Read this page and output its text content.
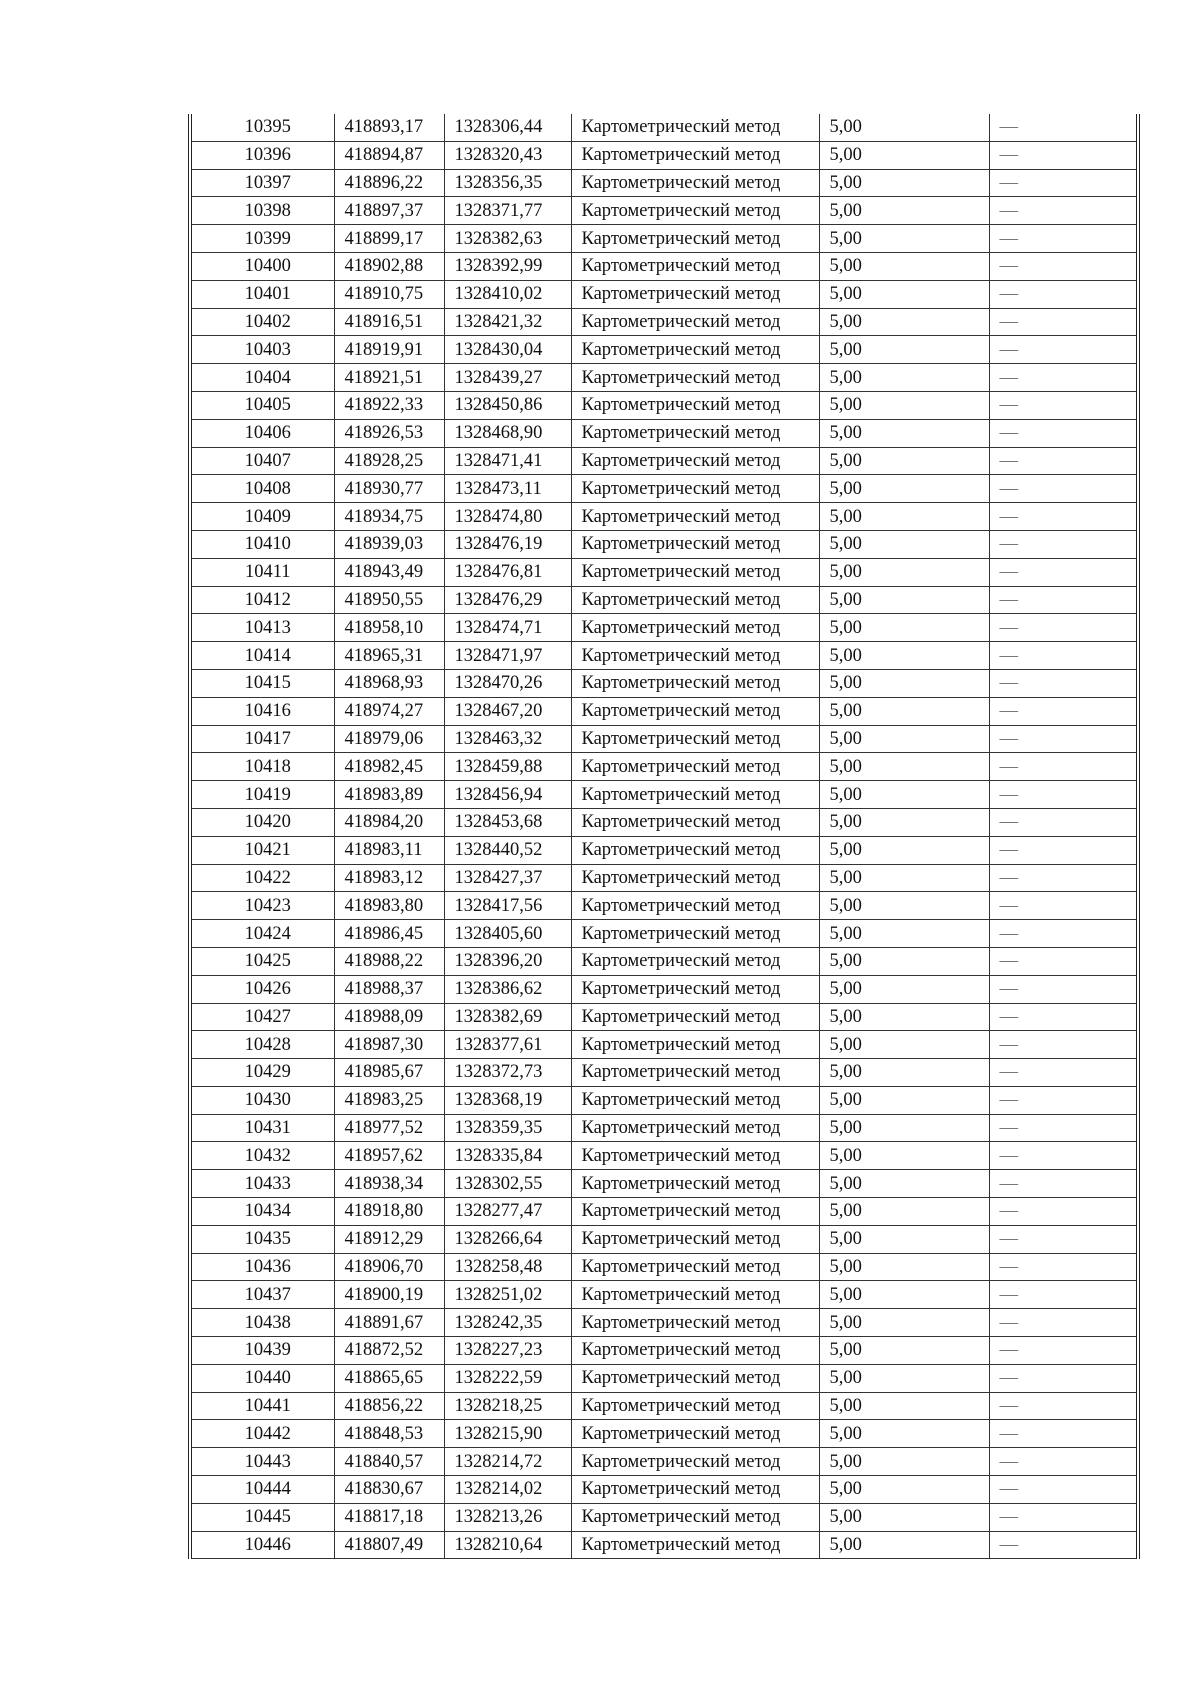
10395	418893,17	1328306,44	Картометрический метод	5,00	—
10396	418894,87	1328320,43	Картометрический метод	5,00	—
10397	418896,22	1328356,35	Картометрический метод	5,00	—
10398	418897,37	1328371,77	Картометрический метод	5,00	—
10399	418899,17	1328382,63	Картометрический метод	5,00	—
10400	418902,88	1328392,99	Картометрический метод	5,00	—
10401	418910,75	1328410,02	Картометрический метод	5,00	—
10402	418916,51	1328421,32	Картометрический метод	5,00	—
10403	418919,91	1328430,04	Картометрический метод	5,00	—
10404	418921,51	1328439,27	Картометрический метод	5,00	—
10405	418922,33	1328450,86	Картометрический метод	5,00	—
10406	418926,53	1328468,90	Картометрический метод	5,00	—
10407	418928,25	1328471,41	Картометрический метод	5,00	—
10408	418930,77	1328473,11	Картометрический метод	5,00	—
10409	418934,75	1328474,80	Картометрический метод	5,00	—
10410	418939,03	1328476,19	Картометрический метод	5,00	—
10411	418943,49	1328476,81	Картометрический метод	5,00	—
10412	418950,55	1328476,29	Картометрический метод	5,00	—
10413	418958,10	1328474,71	Картометрический метод	5,00	—
10414	418965,31	1328471,97	Картометрический метод	5,00	—
10415	418968,93	1328470,26	Картометрический метод	5,00	—
10416	418974,27	1328467,20	Картометрический метод	5,00	—
10417	418979,06	1328463,32	Картометрический метод	5,00	—
10418	418982,45	1328459,88	Картометрический метод	5,00	—
10419	418983,89	1328456,94	Картометрический метод	5,00	—
10420	418984,20	1328453,68	Картометрический метод	5,00	—
10421	418983,11	1328440,52	Картометрический метод	5,00	—
10422	418983,12	1328427,37	Картометрический метод	5,00	—
10423	418983,80	1328417,56	Картометрический метод	5,00	—
10424	418986,45	1328405,60	Картометрический метод	5,00	—
10425	418988,22	1328396,20	Картометрический метод	5,00	—
10426	418988,37	1328386,62	Картометрический метод	5,00	—
10427	418988,09	1328382,69	Картометрический метод	5,00	—
10428	418987,30	1328377,61	Картометрический метод	5,00	—
10429	418985,67	1328372,73	Картометрический метод	5,00	—
10430	418983,25	1328368,19	Картометрический метод	5,00	—
10431	418977,52	1328359,35	Картометрический метод	5,00	—
10432	418957,62	1328335,84	Картометрический метод	5,00	—
10433	418938,34	1328302,55	Картометрический метод	5,00	—
10434	418918,80	1328277,47	Картометрический метод	5,00	—
10435	418912,29	1328266,64	Картометрический метод	5,00	—
10436	418906,70	1328258,48	Картометрический метод	5,00	—
10437	418900,19	1328251,02	Картометрический метод	5,00	—
10438	418891,67	1328242,35	Картометрический метод	5,00	—
10439	418872,52	1328227,23	Картометрический метод	5,00	—
10440	418865,65	1328222,59	Картометрический метод	5,00	—
10441	418856,22	1328218,25	Картометрический метод	5,00	—
10442	418848,53	1328215,90	Картометрический метод	5,00	—
10443	418840,57	1328214,72	Картометрический метод	5,00	—
10444	418830,67	1328214,02	Картометрический метод	5,00	—
10445	418817,18	1328213,26	Картометрический метод	5,00	—
10446	418807,49	1328210,64	Картометрический метод	5,00	—
